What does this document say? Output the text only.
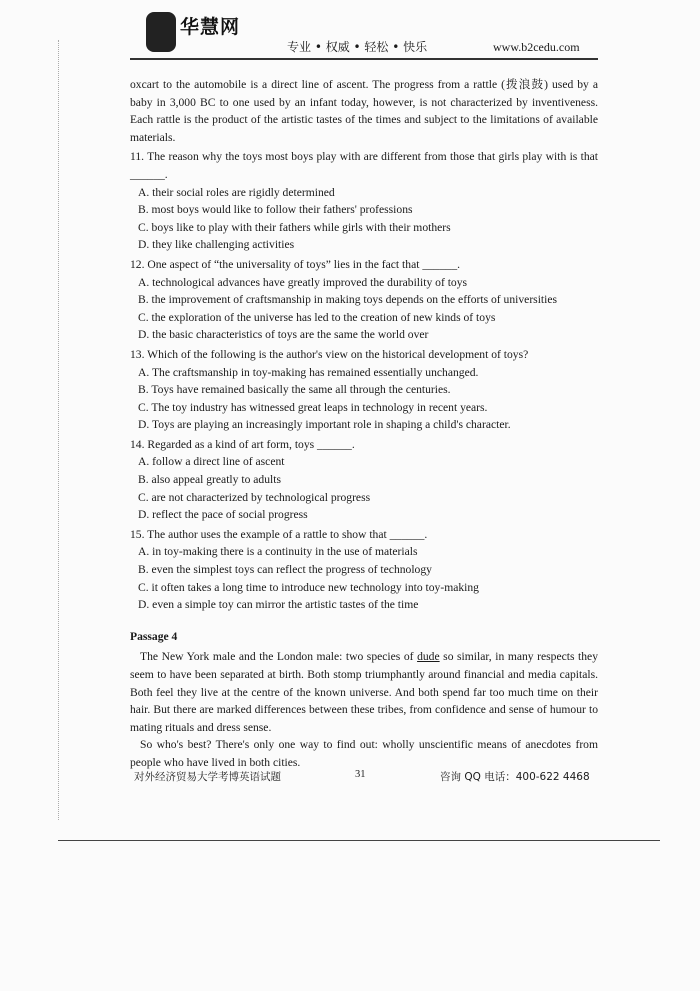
华慧网
专业 • 权威 • 轻松 • 快乐	www.b2cedu.com

oxcart to the automobile is a direct line of ascent. The progress from a rattle (拨浪鼓) used by a baby in 3,000 BC to one used by an infant today, however, is not characterized by inventiveness. Each rattle is the product of the artistic tastes of the times and subject to the limitations of available materials.

11. The reason why the toys most boys play with are different from those that girls play with is that ______.

A. their social roles are rigidly determined

B. most boys would like to follow their fathers' professions

C. boys like to play with their fathers while girls with their mothers

D. they like challenging activities

12. One aspect of “the universality of toys” lies in the fact that ______.

A. technological advances have greatly improved the durability of toys

B. the improvement of craftsmanship in making toys depends on the efforts of universities

C. the exploration of the universe has led to the creation of new kinds of toys

D. the basic characteristics of toys are the same the world over

13. Which of the following is the author's view on the historical development of toys?

A. The craftsmanship in toy-making has remained essentially unchanged.

B. Toys have remained basically the same all through the centuries.

C. The toy industry has witnessed great leaps in technology in recent years.

D. Toys are playing an increasingly important role in shaping a child's character.

14. Regarded as a kind of art form, toys ______.

A. follow a direct line of ascent

B. also appeal greatly to adults

C. are not characterized by technological progress

D. reflect the pace of social progress

15. The author uses the example of a rattle to show that ______.

A. in toy-making there is a continuity in the use of materials

B. even the simplest toys can reflect the progress of technology

C. it often takes a long time to introduce new technology into toy-making

D. even a simple toy can mirror the artistic tastes of the time

Passage 4

The New York male and the London male: two species of dude so similar, in many respects they seem to have been separated at birth. Both stomp triumphantly around financial and media capitals. Both feel they live at the centre of the known universe. And both spend far too much time on their hair. But there are marked differences between these tribes, from confidence and sense of humour to mating rituals and dress sense.

So who's best? There's only one way to find out: wholly unscientific means of anecdotes from people who have lived in both cities.

对外经济贸易大学考博英语试题	31	咨询 QQ 电话：400-622 4468
